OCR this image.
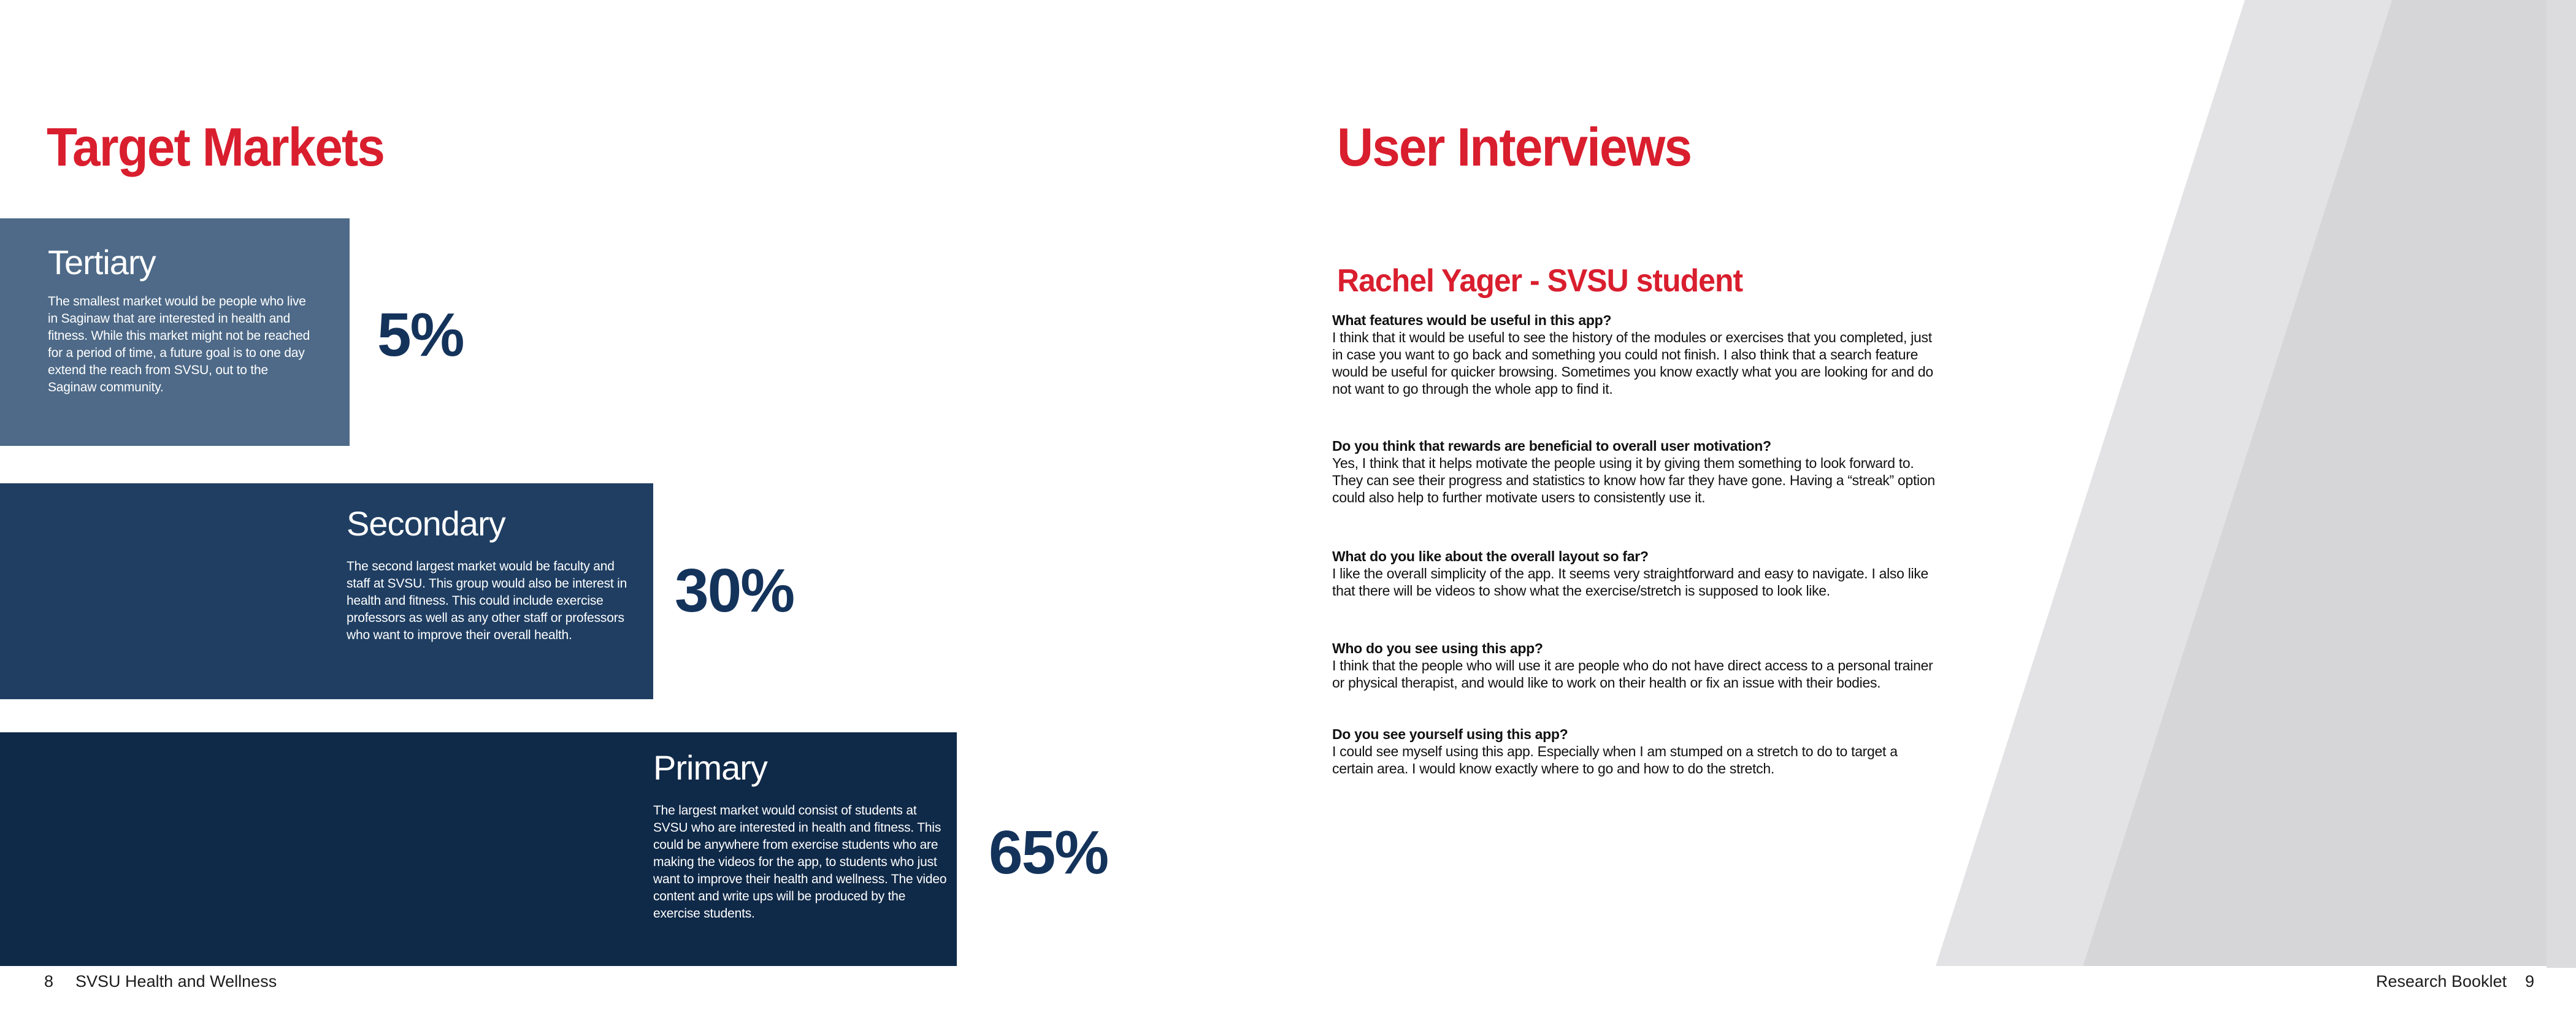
Target Markets
Tertiary

The smallest market would be people who live in Saginaw that are interested in health and fitness. While this market might not be reached for a period of time, a future goal is to one day extend the reach from SVSU, out to the Saginaw community.

5%
Secondary

The second largest market would be faculty and staff at SVSU. This group would also be interest in health and fitness. This could include exercise professors as well as any other staff or professors who want to improve their overall health.

30%
Primary

The largest market would consist of students at SVSU who are interested in health and fitness. This could be anywhere from exercise students who are making the videos for the app, to students who just want to improve their health and wellness. The video content and write ups will be produced by the exercise students.

65%
8 SVSU Health and Wellness
User Interviews
Rachel Yager - SVSU student

What features would be useful in this app?

I think that it would be useful to see the history of the modules or exercises that you completed, just in case you want to go back and something you could not finish. I also think that a search feature would be useful for quicker browsing. Sometimes you know exactly what you are looking for and do not want to go through the whole app to find it.

Do you think that rewards are beneficial to overall user motivation?

Yes, I think that it helps motivate the people using it by giving them something to look forward to. They can see their progress and statistics to know how far they have gone. Having a “streak” option could also help to further motivate users to consistently use it.

What do you like about the overall layout so far?

I like the overall simplicity of the app. It seems very straightforward and easy to navigate. I also like that there will be videos to show what the exercise/stretch is supposed to look like.

Who do you see using this app?

I think that the people who will use it are people who do not have direct access to a personal trainer or physical therapist, and would like to work on their health or fix an issue with their bodies.

Do you see yourself using this app?

I could see myself using this app. Especially when I am stumped on a stretch to do to target a certain area. I would know exactly where to go and how to do the stretch.

Research Booklet 9
